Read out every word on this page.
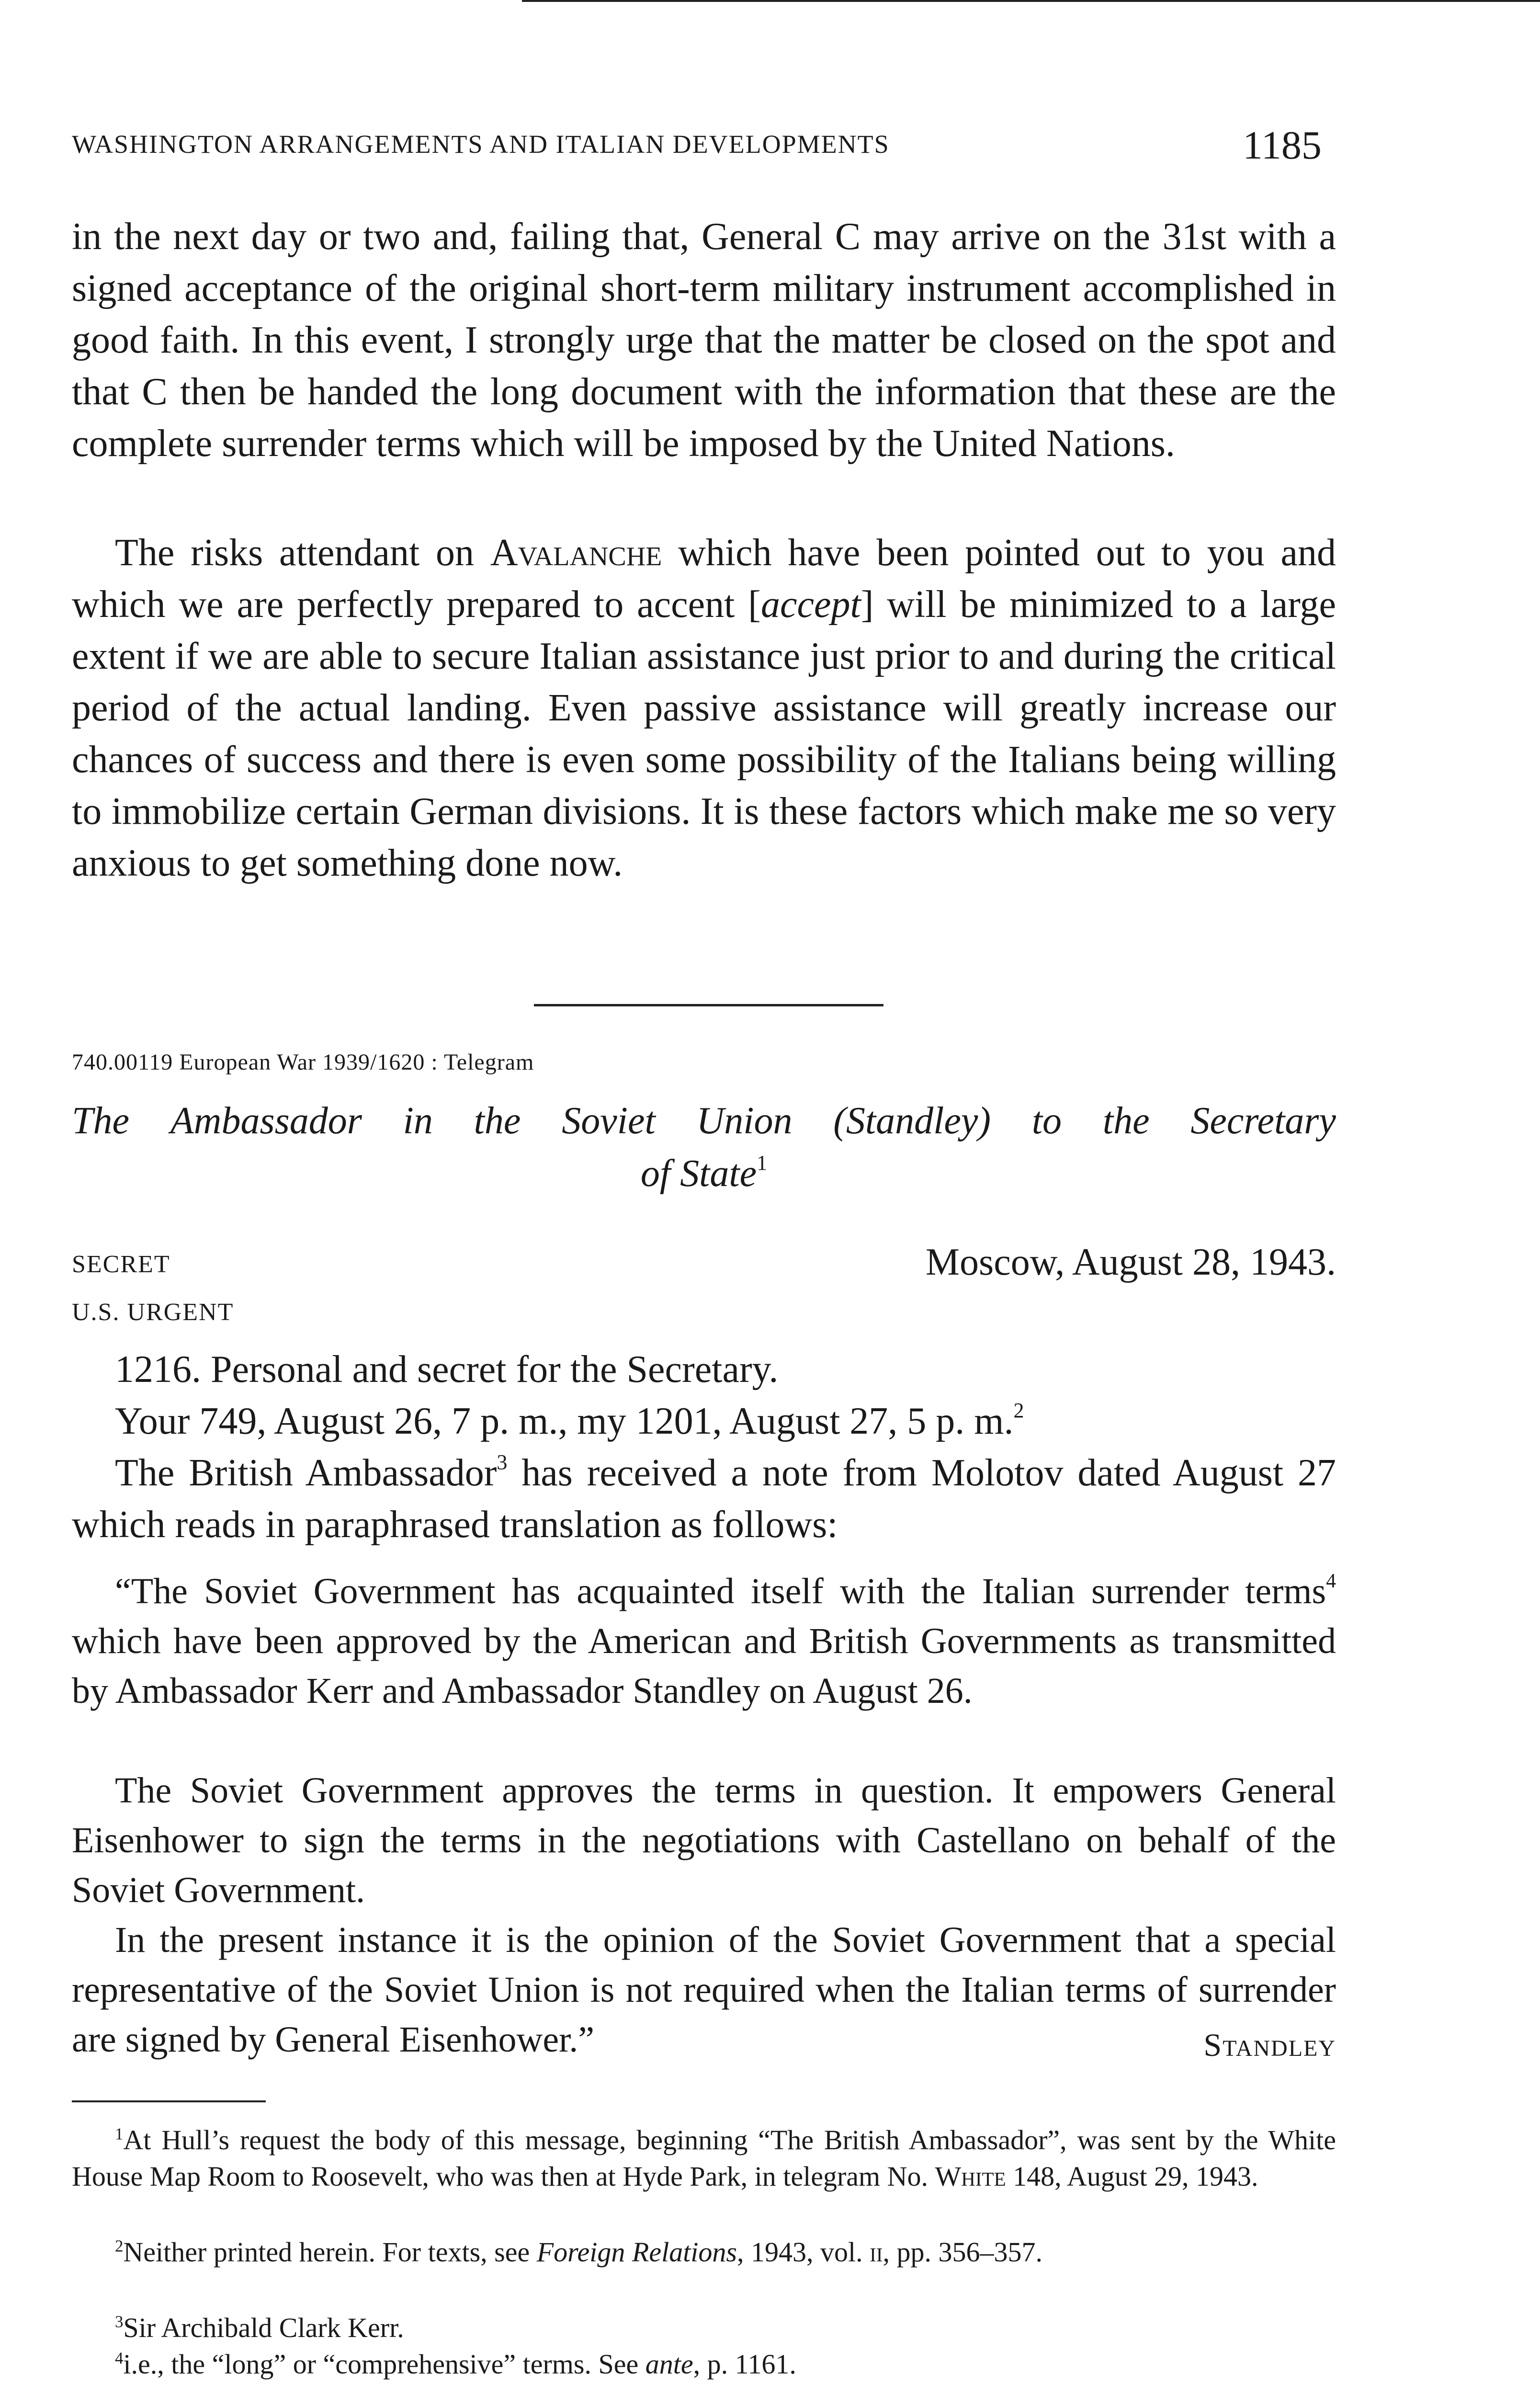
WASHINGTON ARRANGEMENTS AND ITALIAN DEVELOPMENTS	1185

in the next day or two and, failing that, General C may arrive on the 31st with a signed acceptance of the original short-term military instrument accomplished in good faith. In this event, I strongly urge that the matter be closed on the spot and that C then be handed the long document with the information that these are the complete surrender terms which will be imposed by the United Nations.

The risks attendant on Avalanche which have been pointed out to you and which we are perfectly prepared to accent [accept] will be minimized to a large extent if we are able to secure Italian assistance just prior to and during the critical period of the actual landing. Even passive assistance will greatly increase our chances of success and there is even some possibility of the Italians being willing to immobilize certain German divisions. It is these factors which make me so very anxious to get something done now.

740.00119 European War 1939/1620 : Telegram
The Ambassador in the Soviet Union (Standley) to the Secretary
of State$^1$
SECRET	Moscow, August 28, 1943.
U.S. URGENT

1216. Personal and secret for the Secretary.

Your 749, August 26, 7 p. m., my 1201, August 27, 5 p. m.$^2$

The British Ambassador$^3$ has received a note from Molotov dated August 27 which reads in paraphrased translation as follows:

“The Soviet Government has acquainted itself with the Italian surrender terms$^4$ which have been approved by the American and British Governments as transmitted by Ambassador Kerr and Ambassador Standley on August 26.

The Soviet Government approves the terms in question. It empowers General Eisenhower to sign the terms in the negotiations with Castellano on behalf of the Soviet Government.

In the present instance it is the opinion of the Soviet Government that a special representative of the Soviet Union is not required when the Italian terms of surrender are signed by General Eisenhower.”	Standley

$^1$At Hull’s request the body of this message, beginning “The British Ambassador”, was sent by the White House Map Room to Roosevelt, who was then at Hyde Park, in telegram No. White 148, August 29, 1943.

$^2$Neither printed herein. For texts, see Foreign Relations, 1943, vol. ii, pp. 356–357.

$^3$Sir Archibald Clark Kerr.

$^4$i.e., the “long” or “comprehensive” terms. See ante, p. 1161.
